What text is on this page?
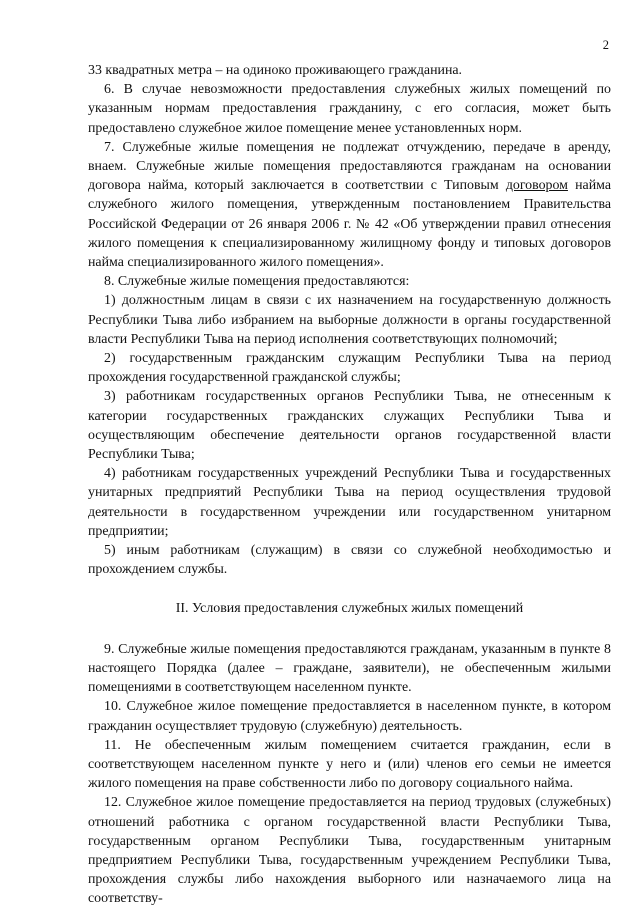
2

33 квадратных метра – на одиноко проживающего гражданина.

6. В случае невозможности предоставления служебных жилых помещений по указанным нормам предоставления гражданину, с его согласия, может быть предоставлено служебное жилое помещение менее установленных норм.

7. Служебные жилые помещения не подлежат отчуждению, передаче в аренду, внаем. Служебные жилые помещения предоставляются гражданам на основании договора найма, который заключается в соответствии с Типовым договором найма служебного жилого помещения, утвержденным постановлением Правительства Российской Федерации от 26 января 2006 г. № 42 «Об утверждении правил отнесения жилого помещения к специализированному жилищному фонду и типовых договоров найма специализированного жилого помещения».

8. Служебные жилые помещения предоставляются:

1) должностным лицам в связи с их назначением на государственную должность Республики Тыва либо избранием на выборные должности в органы государственной власти Республики Тыва на период исполнения соответствующих полномочий;

2) государственным гражданским служащим Республики Тыва на период прохождения государственной гражданской службы;

3) работникам государственных органов Республики Тыва, не отнесенным к категории государственных гражданских служащих Республики Тыва и осуществляющим обеспечение деятельности органов государственной власти Республики Тыва;

4) работникам государственных учреждений Республики Тыва и государственных унитарных предприятий Республики Тыва на период осуществления трудовой деятельности в государственном учреждении или государственном унитарном предприятии;

5) иным работникам (служащим) в связи со служебной необходимостью и прохождением службы.

II. Условия предоставления служебных жилых помещений

9. Служебные жилые помещения предоставляются гражданам, указанным в пункте 8 настоящего Порядка (далее – граждане, заявители), не обеспеченным жилыми помещениями в соответствующем населенном пункте.

10. Служебное жилое помещение предоставляется в населенном пункте, в котором гражданин осуществляет трудовую (служебную) деятельность.

11. Не обеспеченным жилым помещением считается гражданин, если в соответствующем населенном пункте у него и (или) членов его семьи не имеется жилого помещения на праве собственности либо по договору социального найма.

12. Служебное жилое помещение предоставляется на период трудовых (служебных) отношений работника с органом государственной власти Республики Тыва, государственным органом Республики Тыва, государственным унитарным предприятием Республики Тыва, государственным учреждением Республики Тыва, прохождения службы либо нахождения выборного или назначаемого лица на соответству-
